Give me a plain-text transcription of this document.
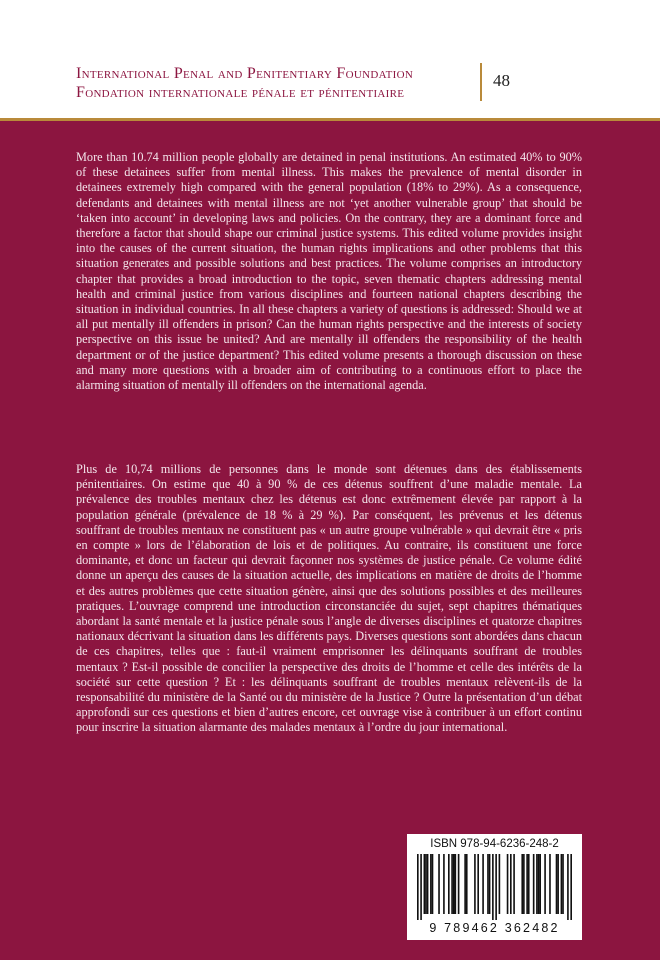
International Penal and Penitentiary Foundation
Fondation internationale pénale et pénitentiaire
48

More than 10.74 million people globally are detained in penal institutions. An estimated 40% to 90% of these detainees suffer from mental illness. This makes the prevalence of mental disorder in detainees extremely high compared with the general population (18% to 29%). As a consequence, defendants and detainees with mental illness are not ‘yet another vulnerable group’ that should be ‘taken into account’ in developing laws and policies. On the contrary, they are a dominant force and therefore a factor that should shape our criminal justice systems. This edited volume provides insight into the causes of the current situation, the human rights implications and other problems that this situation generates and possible solutions and best practices. The volume comprises an introductory chapter that provides a broad introduction to the topic, seven thematic chapters addressing mental health and criminal justice from various disciplines and fourteen national chapters describing the situation in individual countries. In all these chapters a variety of questions is addressed: Should we at all put mentally ill offenders in prison? Can the human rights perspective and the interests of society perspective on this issue be united? And are mentally ill offenders the responsibility of the health department or of the justice department? This edited volume presents a thorough discussion on these and many more questions with a broader aim of contributing to a continuous effort to place the alarming situation of mentally ill offenders on the international agenda.

Plus de 10,74 millions de personnes dans le monde sont détenues dans des établissements pénitentiaires. On estime que 40 à 90 % de ces détenus souffrent d’une maladie mentale. La prévalence des troubles mentaux chez les détenus est donc extrêmement élevée par rapport à la population générale (prévalence de 18 % à 29 %). Par conséquent, les prévenus et les détenus souffrant de troubles mentaux ne constituent pas « un autre groupe vulnérable » qui devrait être « pris en compte » lors de l’élaboration de lois et de politiques. Au contraire, ils constituent une force dominante, et donc un facteur qui devrait façonner nos systèmes de justice pénale. Ce volume édité donne un aperçu des causes de la situation actuelle, des implications en matière de droits de l’homme et des autres problèmes que cette situation génère, ainsi que des solutions possibles et des meilleures pratiques. L’ouvrage comprend une introduction circonstanciée du sujet, sept chapitres thématiques abordant la santé mentale et la justice pénale sous l’angle de diverses disciplines et quatorze chapitres nationaux décrivant la situation dans les différents pays. Diverses questions sont abordées dans chacun de ces chapitres, telles que : faut-il vraiment emprisonner les délinquants souffrant de troubles mentaux ? Est-il possible de concilier la perspective des droits de l’homme et celle des intérêts de la société sur cette question ? Et : les délinquants souffrant de troubles mentaux relèvent-ils de la responsabilité du ministère de la Santé ou du ministère de la Justice ? Outre la présentation d’un débat approfondi sur ces questions et bien d’autres encore, cet ouvrage vise à contribuer à un effort continu pour inscrire la situation alarmante des malades mentaux à l’ordre du jour international.

ISBN 978-94-6236-248-2
9 789462 362482
